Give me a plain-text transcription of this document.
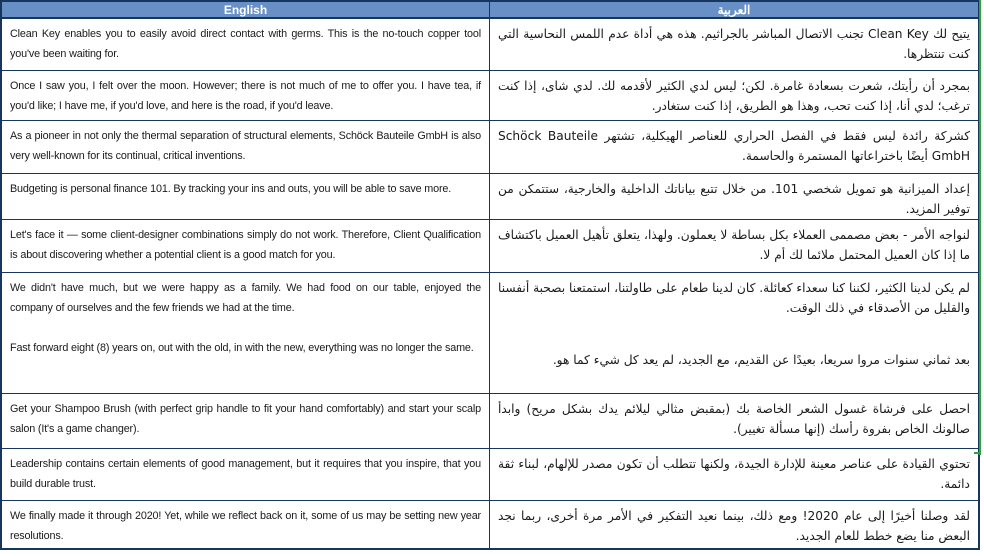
English	العربية

Clean Key enables you to easily avoid direct contact with germs. This is the no-touch copper tool you've been waiting for.

يتيح لك Clean Key تجنب الاتصال المباشر بالجراثيم. هذه هي أداة عدم اللمس النحاسية التي كنت تنتظرها.

Once I saw you, I felt over the moon. However; there is not much of me to offer you. I have tea, if you'd like; I have me, if you'd love, and here is the road, if you'd leave.

بمجرد أن رأيتك، شعرت بسعادة غامرة. لكن؛ ليس لدي الكثير لأقدمه لك. لدي شاى، إذا كنت ترغب؛ لدي أنا، إذا كنت تحب، وهذا هو الطريق، إذا كنت ستغادر.

As a pioneer in not only the thermal separation of structural elements, Schöck Bauteile GmbH is also very well-known for its continual, critical inventions.

كشركة رائدة ليس فقط في الفصل الحراري للعناصر الهيكلية، تشتهر Schöck Bauteile GmbH أيضًا باختراعاتها المستمرة والحاسمة.

Budgeting is personal finance 101. By tracking your ins and outs, you will be able to save more.	إعداد الميزانية هو تمويل شخصي 101. من خلال تتبع بياناتك الداخلية والخارجية، ستتمكن من توفير المزيد.

Let's face it — some client-designer combinations simply do not work. Therefore, Client Qualification is about discovering whether a potential client is a good match for you.

لنواجه الأمر - بعض مصممى العملاء بكل بساطة لا يعملون. ولهذا، يتعلق تأهيل العميل باكتشاف ما إذا كان العميل المحتمل ملائما لك أم لا.

We didn't have much, but we were happy as a family. We had food on our table, enjoyed the company of ourselves and the few friends we had at the time.

Fast forward eight (8) years on, out with the old, in with the new, everything was no longer the same.

لم يكن لدينا الكثير، لكننا كنا سعداء كعائلة. كان لدينا طعام على طاولتنا، استمتعنا بصحبة أنفسنا والقليل من الأصدقاء في ذلك الوقت.

بعد ثماني سنوات مروا سريعا، بعيدًا عن القديم، مع الجديد، لم يعد كل شيء كما هو.

Get your Shampoo Brush (with perfect grip handle to fit your hand comfortably) and start your scalp salon (It's a game changer).

احصل على فرشاة غسول الشعر الخاصة بك (بمقبض مثالي ليلائم يدك بشكل مريح) وابدأ صالونك الخاص بفروة رأسك (إنها مسألة تغيير).

Leadership contains certain elements of good management, but it requires that you inspire, that you build durable trust.

تحتوي القيادة على عناصر معينة للإدارة الجيدة، ولكنها تتطلب أن تكون مصدر للإلهام، لبناء ثقة دائمة.

We finally made it through 2020! Yet, while we reflect back on it, some of us may be setting new year resolutions.

لقد وصلنا أخيرًا إلى عام 2020! ومع ذلك، بينما نعيد التفكير في الأمر مرة أخرى، ربما نجد البعض منا يضع خطط للعام الجديد.
